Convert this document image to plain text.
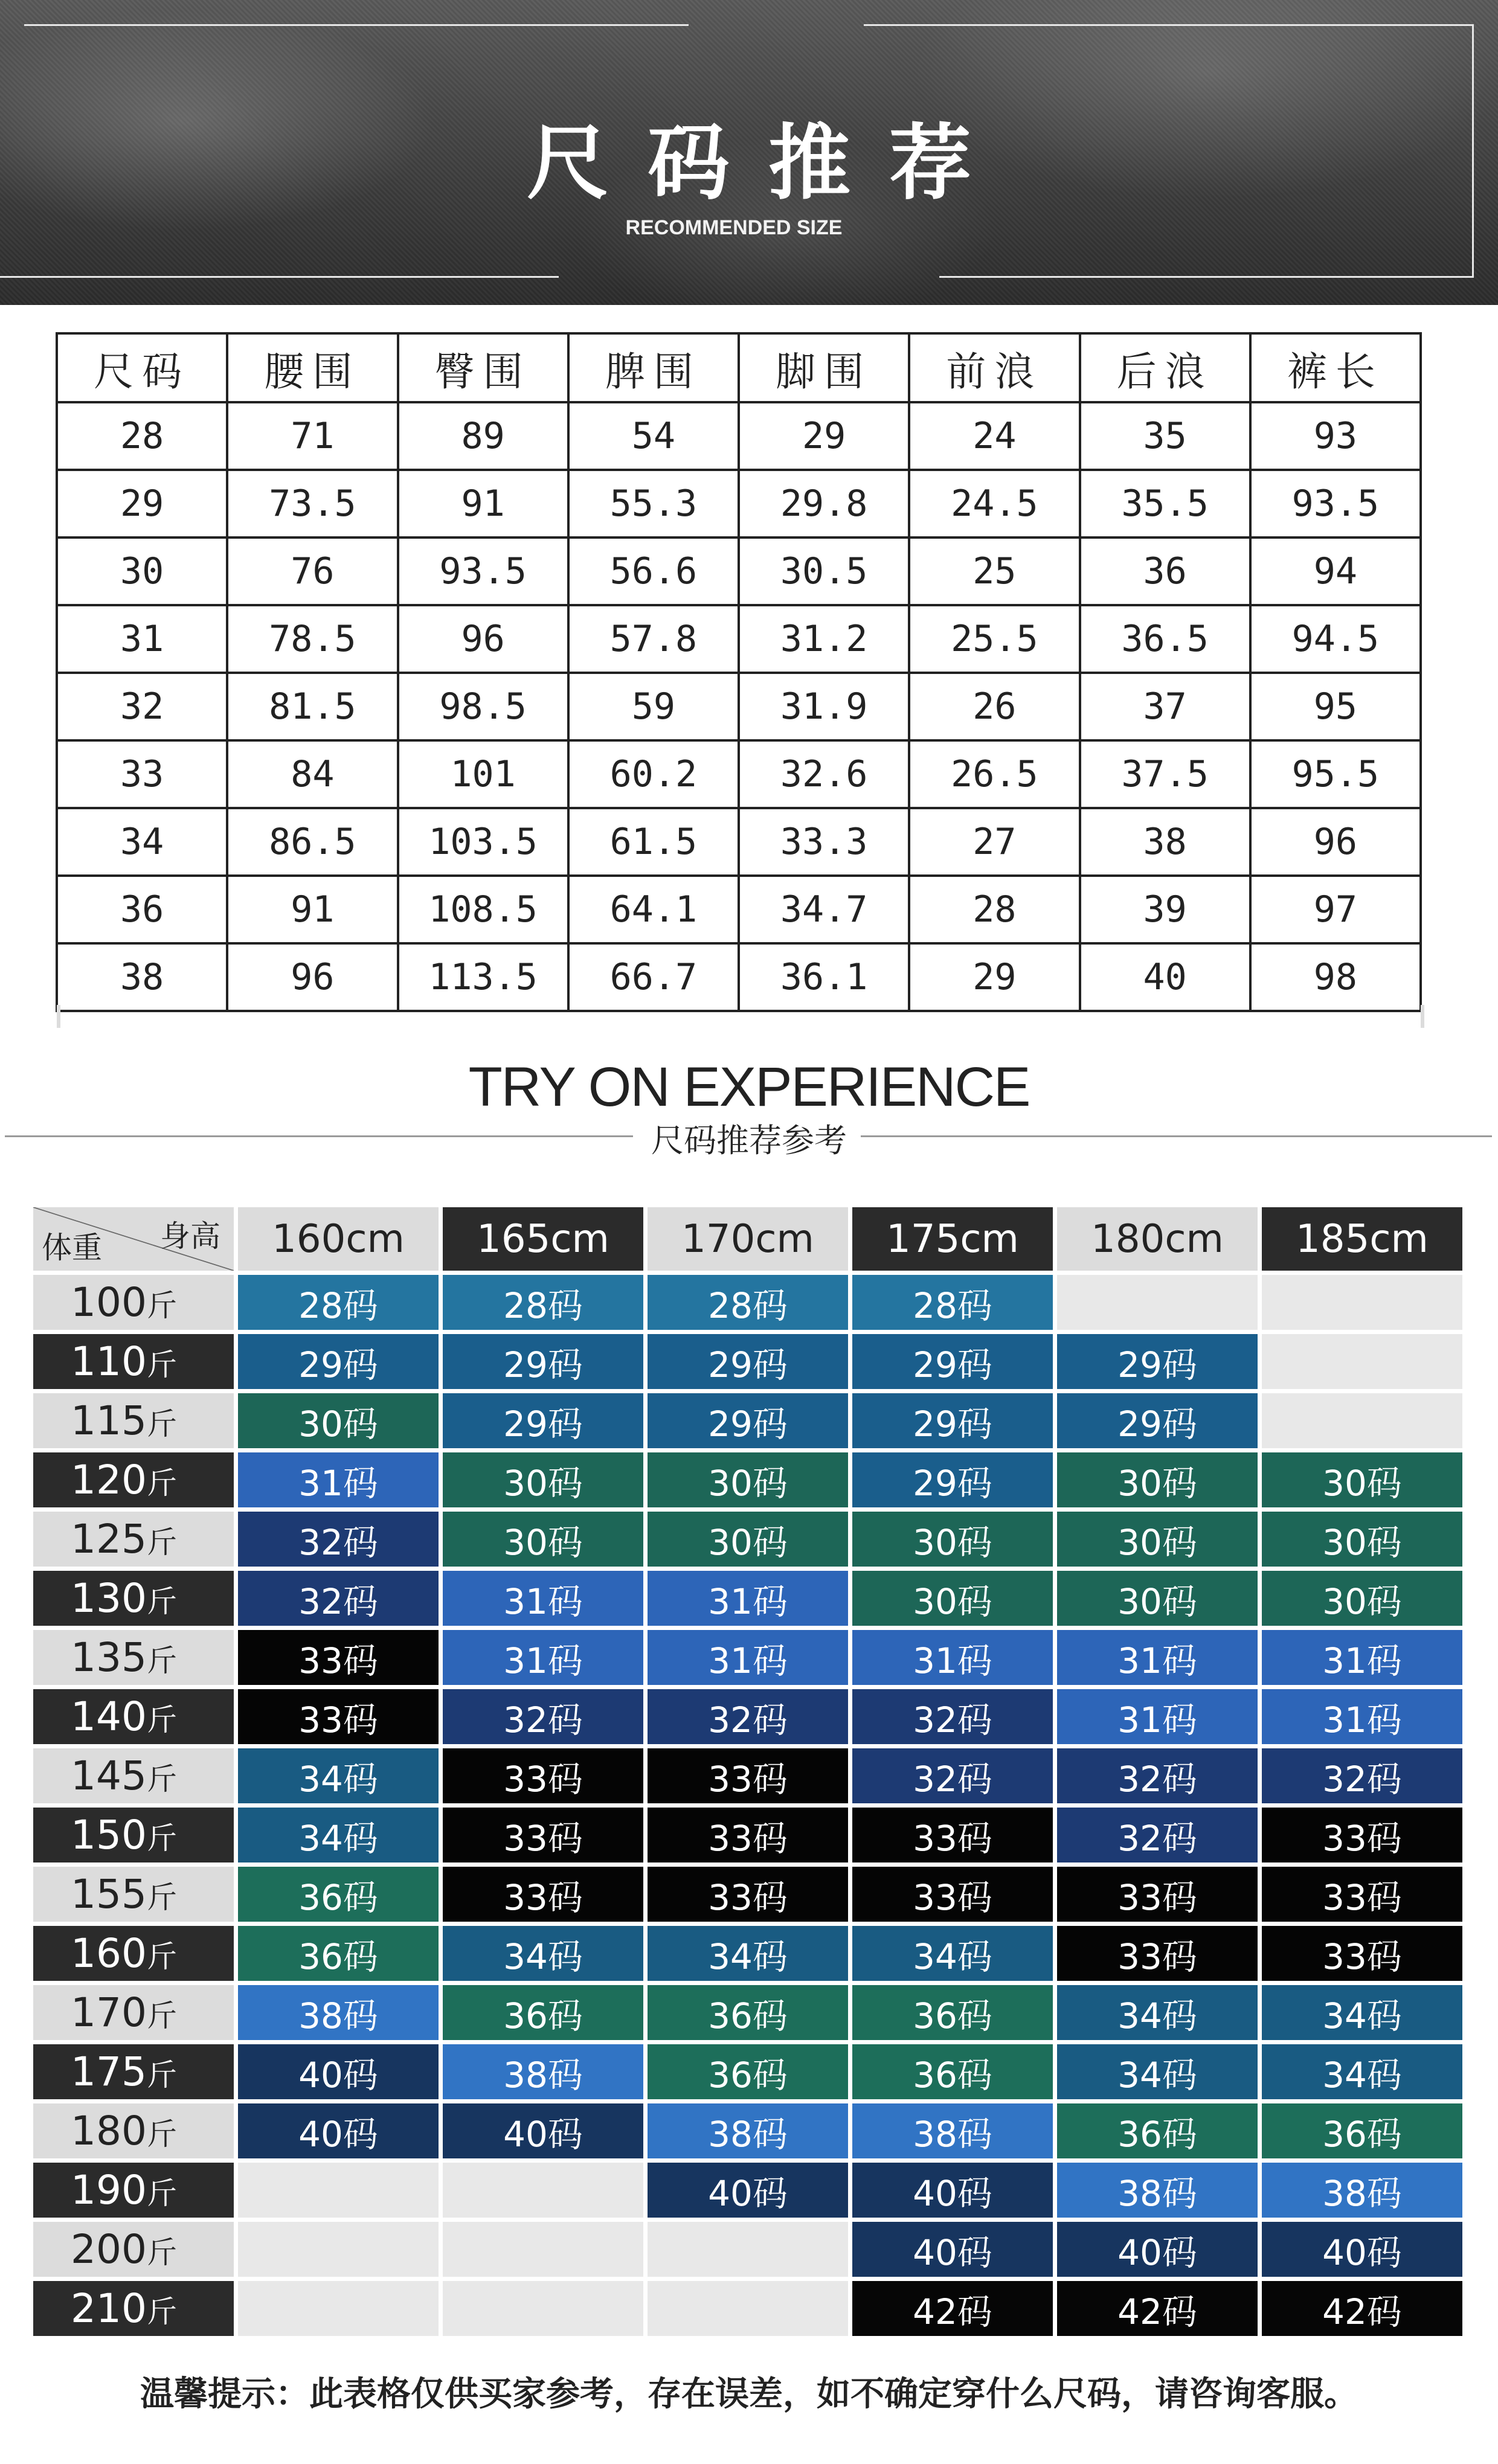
尺码推荐
RECOMMENDED SIZE
尺码	腰围	臀围	脾围	脚围	前浪	后浪	裤长
28	71	89	54	29	24	35	93
29	73.5	91	55.3	29.8	24.5	35.5	93.5
30	76	93.5	56.6	30.5	25	36	94
31	78.5	96	57.8	31.2	25.5	36.5	94.5
32	81.5	98.5	59	31.9	26	37	95
33	84	101	60.2	32.6	26.5	37.5	95.5
34	86.5	103.5	61.5	33.3	27	38	96
36	91	108.5	64.1	34.7	28	39	97
38	96	113.5	66.7	36.1	29	40	98
TRY ON EXPERIENCE
尺码推荐参考
身高
体重	160cm	165cm	170cm	175cm	180cm	185cm
100斤	28码	28码	28码	28码		
110斤	29码	29码	29码	29码	29码	
115斤	30码	29码	29码	29码	29码	
120斤	31码	30码	30码	29码	30码	30码
125斤	32码	30码	30码	30码	30码	30码
130斤	32码	31码	31码	30码	30码	30码
135斤	33码	31码	31码	31码	31码	31码
140斤	33码	32码	32码	32码	31码	31码
145斤	34码	33码	33码	32码	32码	32码
150斤	34码	33码	33码	33码	32码	33码
155斤	36码	33码	33码	33码	33码	33码
160斤	36码	34码	34码	34码	33码	33码
170斤	38码	36码	36码	36码	34码	34码
175斤	40码	38码	36码	36码	34码	34码
180斤	40码	40码	38码	38码	36码	36码
190斤			40码	40码	38码	38码
200斤				40码	40码	40码
210斤				42码	42码	42码
温馨提示：此表格仅供买家参考，存在误差，如不确定穿什么尺码，请咨询客服。
